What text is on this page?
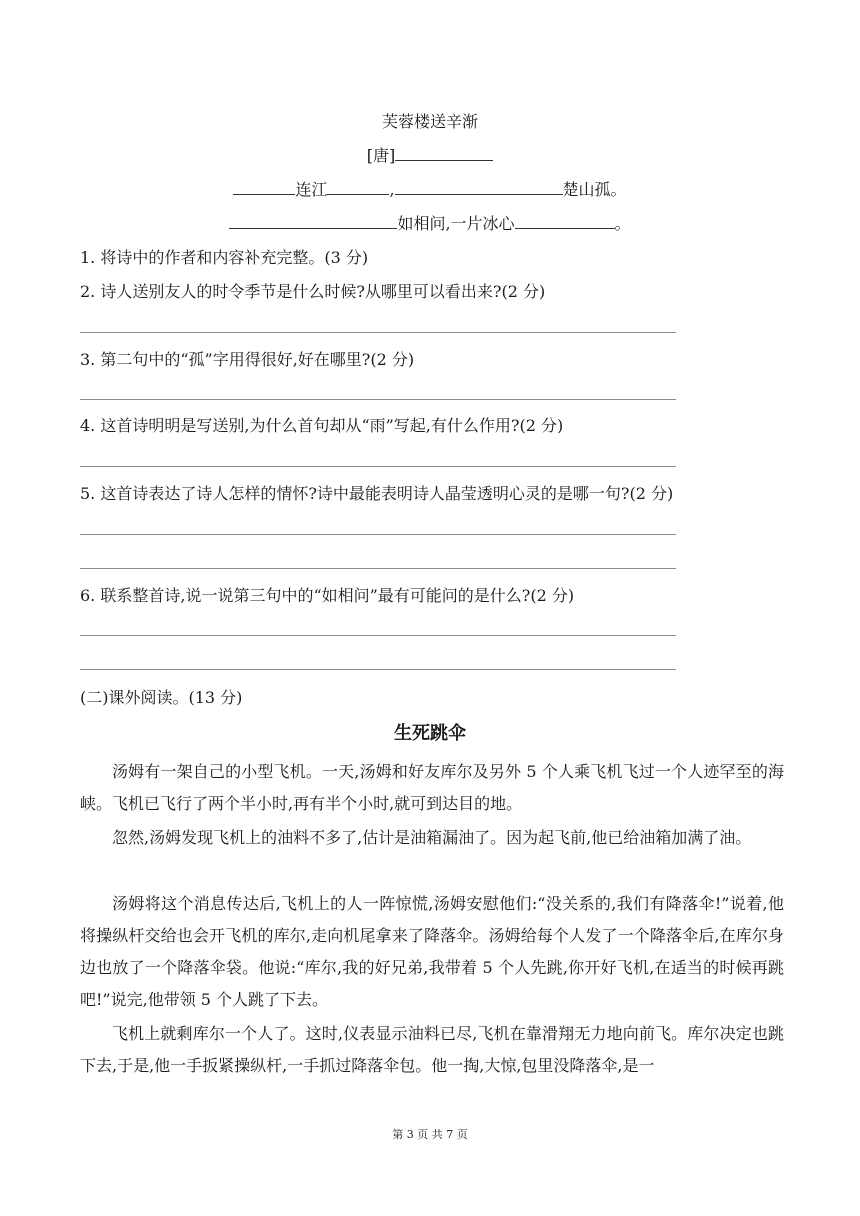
芙蓉楼送辛渐
[唐]
连江	,	楚山孤。
如相问,一片冰心	。
1. 将诗中的作者和内容补充完整。(3 分)
2. 诗人送别友人的时令季节是什么时候?从哪里可以看出来?(2 分)
3. 第二句中的“孤”字用得很好,好在哪里?(2 分)
4. 这首诗明明是写送别,为什么首句却从“雨”写起,有什么作用?(2 分)
5. 这首诗表达了诗人怎样的情怀?诗中最能表明诗人晶莹透明心灵的是哪一句?(2 分)
6. 联系整首诗,说一说第三句中的“如相问”最有可能问的是什么?(2 分)
(二)课外阅读。(13 分)
生死跳伞

汤姆有一架自己的小型飞机。一天,汤姆和好友库尔及另外 5 个人乘飞机飞过一个人迹罕至的海峡。飞机已飞行了两个半小时,再有半个小时,就可到达目的地。

忽然,汤姆发现飞机上的油料不多了,估计是油箱漏油了。因为起飞前,他已给油箱加满了油。

汤姆将这个消息传达后,飞机上的人一阵惊慌,汤姆安慰他们:“没关系的,我们有降落伞!”说着,他将操纵杆交给也会开飞机的库尔,走向机尾拿来了降落伞。汤姆给每个人发了一个降落伞后,在库尔身边也放了一个降落伞袋。他说:“库尔,我的好兄弟,我带着 5 个人先跳,你开好飞机,在适当的时候再跳吧!”说完,他带领 5 个人跳了下去。

飞机上就剩库尔一个人了。这时,仪表显示油料已尽,飞机在靠滑翔无力地向前飞。库尔决定也跳下去,于是,他一手扳紧操纵杆,一手抓过降落伞包。他一掏,大惊,包里没降落伞,是一

第 3 页 共 7 页
